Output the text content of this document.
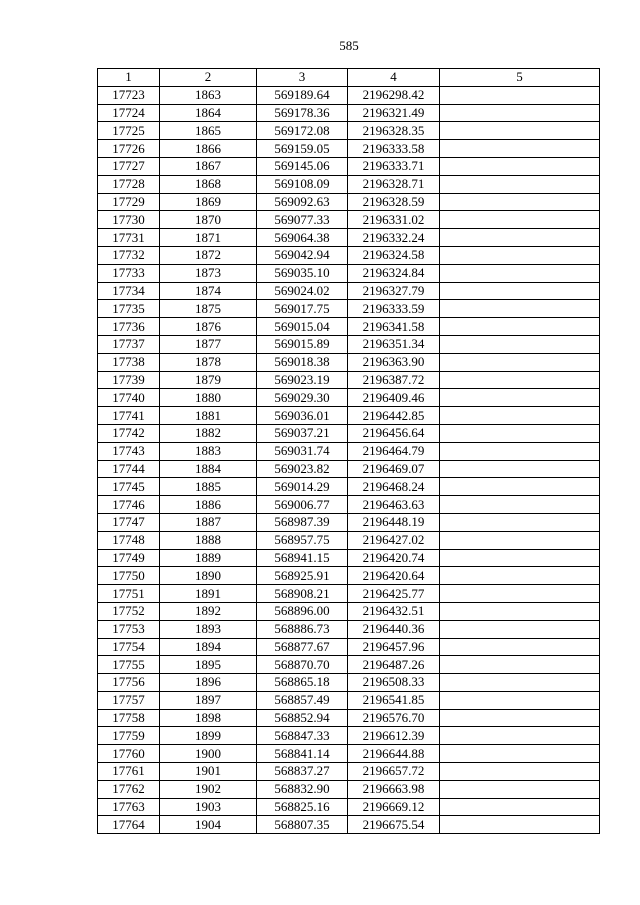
585
1	2	3	4	5
17723	1863	569189.64	2196298.42	
17724	1864	569178.36	2196321.49	
17725	1865	569172.08	2196328.35	
17726	1866	569159.05	2196333.58	
17727	1867	569145.06	2196333.71	
17728	1868	569108.09	2196328.71	
17729	1869	569092.63	2196328.59	
17730	1870	569077.33	2196331.02	
17731	1871	569064.38	2196332.24	
17732	1872	569042.94	2196324.58	
17733	1873	569035.10	2196324.84	
17734	1874	569024.02	2196327.79	
17735	1875	569017.75	2196333.59	
17736	1876	569015.04	2196341.58	
17737	1877	569015.89	2196351.34	
17738	1878	569018.38	2196363.90	
17739	1879	569023.19	2196387.72	
17740	1880	569029.30	2196409.46	
17741	1881	569036.01	2196442.85	
17742	1882	569037.21	2196456.64	
17743	1883	569031.74	2196464.79	
17744	1884	569023.82	2196469.07	
17745	1885	569014.29	2196468.24	
17746	1886	569006.77	2196463.63	
17747	1887	568987.39	2196448.19	
17748	1888	568957.75	2196427.02	
17749	1889	568941.15	2196420.74	
17750	1890	568925.91	2196420.64	
17751	1891	568908.21	2196425.77	
17752	1892	568896.00	2196432.51	
17753	1893	568886.73	2196440.36	
17754	1894	568877.67	2196457.96	
17755	1895	568870.70	2196487.26	
17756	1896	568865.18	2196508.33	
17757	1897	568857.49	2196541.85	
17758	1898	568852.94	2196576.70	
17759	1899	568847.33	2196612.39	
17760	1900	568841.14	2196644.88	
17761	1901	568837.27	2196657.72	
17762	1902	568832.90	2196663.98	
17763	1903	568825.16	2196669.12	
17764	1904	568807.35	2196675.54	
